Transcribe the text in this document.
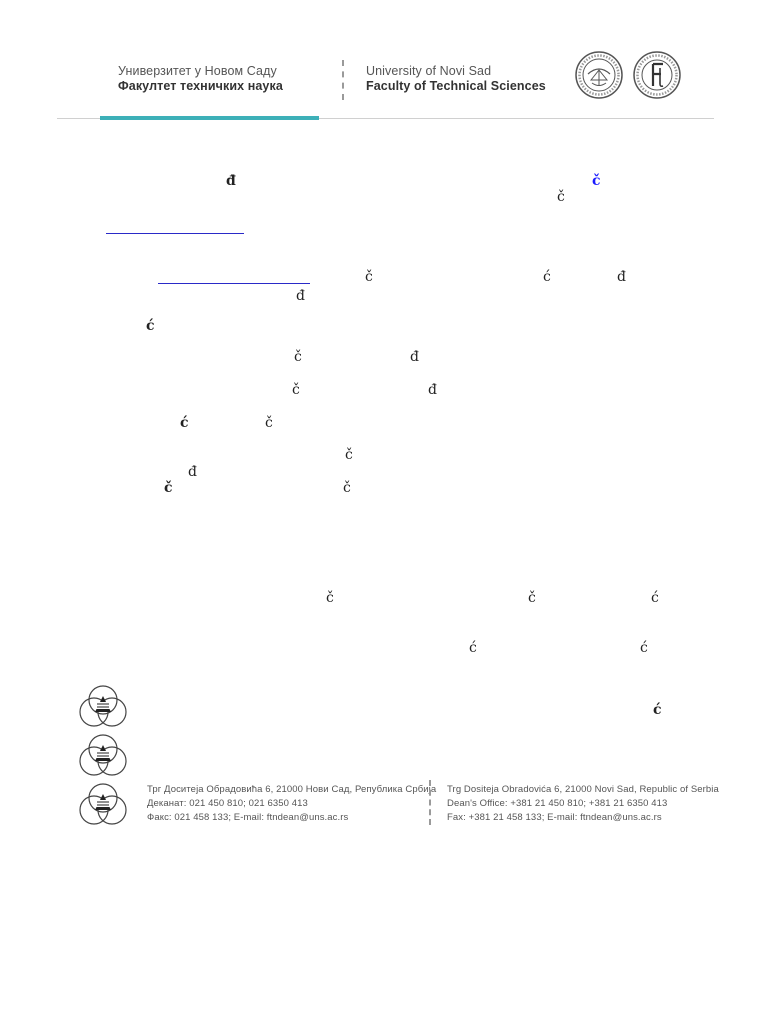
Универзитет у Новом Саду
Факултет техничких наука
University of Novi Sad
Faculty of Technical Sciences
đ	č
č
č	ć	đ
đ
ć
č	đ
č	đ
ć	č
č
đ
č	č
č	č	ć
ć	ć
ć
Трг Доситеја Обрадовића 6, 21000 Нови Сад, Република Србија
Деканат: 021 450 810; 021 6350 413
Факс: 021 458 133; E-mail: ftndean@uns.ac.rs
Trg Dositeja Obradovića 6, 21000 Novi Sad, Republic of Serbia
Dean's Office: +381 21 450 810; +381 21 6350 413
Fax: +381 21 458 133; E-mail: ftndean@uns.ac.rs
